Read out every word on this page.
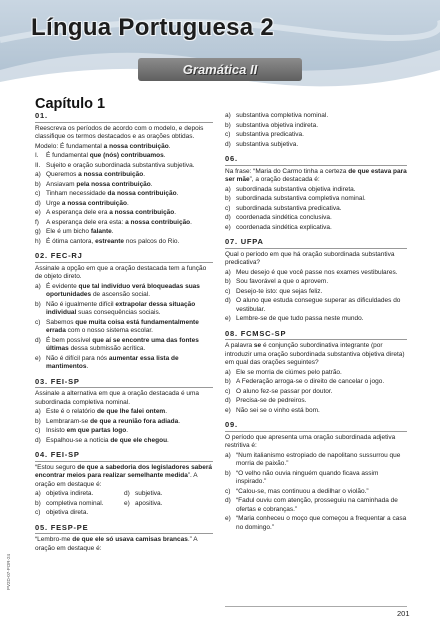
Língua Portuguesa 2
Gramática II
Capítulo 1
01.
Reescreva os períodos de acordo com o modelo, e depois classifique os termos destacados e as orações obtidas.
Modelo: É fundamental a nossa contribuição.
I.	É fundamental que (nós) contribuamos.
II. Sujeito e oração subordinada substantiva subjetiva.
a) Queremos a nossa contribuição.
b) Ansiavam pela nossa contribuição.
c) Tinham necessidade da nossa contribuição.
d) Urge a nossa contribuição.
e) A esperança dele era a nossa contribuição.
f)	A esperança dele era esta: a nossa contribuição.
g) Ele é um bicho falante.
h) É ótima cantora, estreante nos palcos do Rio.
02. FEC-RJ
Assinale a opção em que a oração destacada tem a função de objeto direto.
a) É evidente que tal indivíduo verá bloqueadas suas oportunidades de ascensão social.
b) Não é igualmente difícil extrapolar dessa situação individual suas consequências sociais.
c) Sabemos que muita coisa está fundamentalmente errada com o nosso sistema escolar.
d) É bem possível que aí se encontre uma das fontes últimas dessa submissão acrítica.
e) Não é difícil para nós aumentar essa lista de mantimentos.
03. FEI-SP
Assinale a alternativa em que a oração destacada é uma subordinada completiva nominal.
a) Este é o relatório de que lhe falei ontem.
b) Lembraram-se de que a reunião fora adiada.
c) Insisto em que partas logo.
d) Espalhou-se a notícia de que ele chegou.
04. FEI-SP
“Estou seguro de que a sabedoria dos legisladores saberá encontrar meios para realizar semelhante medida”. A oração em destaque é:
a) objetiva indireta.	d) subjetiva.
b) completiva nominal.	e) apositiva.
c) objetiva direta.
05. FESP-PE
“Lembro-me de que ele só usava camisas brancas.” A oração em destaque é:
a) substantiva completiva nominal.
b) substantiva objetiva indireta.
c) substantiva predicativa.
d) substantiva subjetiva.
06.
Na frase: “Maria do Carmo tinha a certeza de que estava para ser mãe”, a oração destacada é:
a) subordinada substantiva objetiva indireta.
b) subordinada substantiva completiva nominal.
c) subordinada substantiva predicativa.
d) coordenada sindética conclusiva.
e) coordenada sindética explicativa.
07. UFPA
Qual o período em que há oração subordinada substantiva predicativa?
a) Meu desejo é que você passe nos exames vestibulares.
b) Sou favorável a que o aprovem.
c) Desejo-te isto: que sejas feliz.
d) O aluno que estuda consegue superar as dificuldades do vestibular.
e) Lembre-se de que tudo passa neste mundo.
08. FCMSC-SP
A palavra se é conjunção subordinativa integrante (por introduzir uma oração subordinada substantiva objetiva direta) em qual das orações seguintes?
a) Ele se morria de ciúmes pelo patrão.
b) A Federação arroga-se o direito de cancelar o jogo.
c) O aluno fez-se passar por doutor.
d) Precisa-se de pedreiros.
e) Não sei se o vinho está bom.
09.
O período que apresenta uma oração subordinada adjetiva restritiva é:
a) “Num italianismo estropiado de napolitano sussurrou que morria de paixão.”
b) “O velho não ouvia ninguém quando ficava assim inspirado.”
c) “Calou-se, mas continuou a dedilhar o violão.”
d) “Fadul ouviu com atenção, prosseguiu na caminhada de ofertas e cobranças.”
e) “Maria conheceu o moço que começou a frequentar a casa no domingo.”
PV2D-07-POR-24
201
